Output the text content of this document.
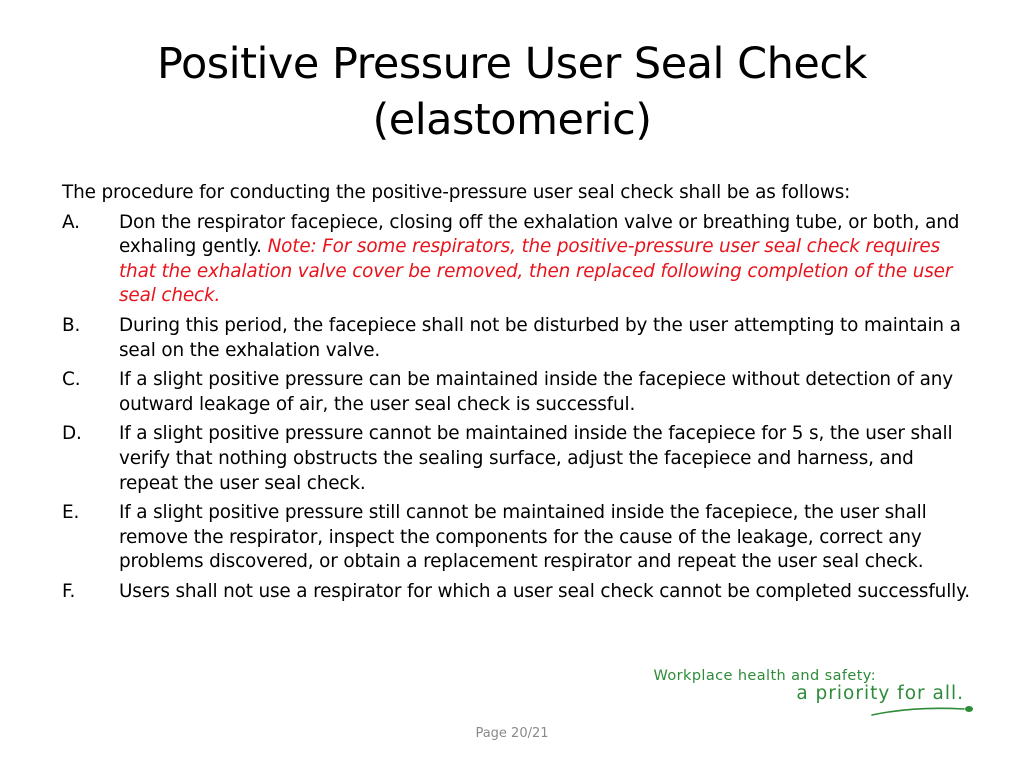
Positive Pressure User Seal Check
(elastomeric)

The procedure for conducting the positive-pressure user seal check shall be as follows:

A.	Don the respirator facepiece, closing off the exhalation valve or breathing tube, or both, and exhaling gently. Note: For some respirators, the positive-pressure user seal check requires that the exhalation valve cover be removed, then replaced following completion of the user seal check.
B.	During this period, the facepiece shall not be disturbed by the user attempting to maintain a seal on the exhalation valve.
C.	If a slight positive pressure can be maintained inside the facepiece without detection of any outward leakage of air, the user seal check is successful.
D.	If a slight positive pressure cannot be maintained inside the facepiece for 5 s, the user shall verify that nothing obstructs the sealing surface, adjust the facepiece and harness, and repeat the user seal check.
E.	If a slight positive pressure still cannot be maintained inside the facepiece, the user shall remove the respirator, inspect the components for the cause of the leakage, correct any problems discovered, or obtain a replacement respirator and repeat the user seal check.
F.	Users shall not use a respirator for which a user seal check cannot be completed successfully.
Workplace health and safety:
a priority for all.
Page 20/21
